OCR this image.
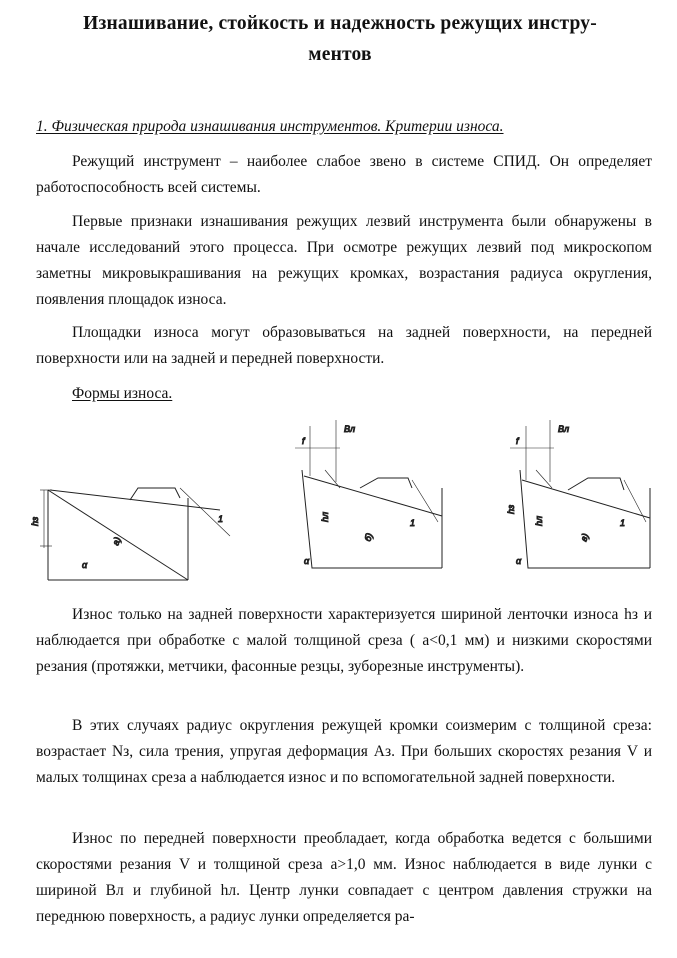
Изнашивание, стойкость и надежность режущих инстру-
ментов
1. Физическая природа изнашивания инструментов. Критерии износа.

Режущий инструмент – наиболее слабое звено в системе СПИД. Он определяет работоспособность всей системы.

Первые признаки изнашивания режущих лезвий инструмента были обнаружены в начале исследований этого процесса. При осмотре режущих лезвий под микроскопом заметны микровыкрашивания на режущих кромках, возрастания радиуса округления, появления площадок износа.

Площадки износа могут образовываться на задней поверхности, на передней поверхности или на задней и передней поверхности.

Формы износа.
hз	1
α
а)
f
Bл
hл
1
α
б)
f
Bл
hз
hл	1
α
в)

Износ только на задней поверхности характеризуется шириной ленточки износа hз и наблюдается при обработке с малой толщиной среза ( a<0,1 мм) и низкими скоростями резания (протяжки, метчики, фасонные резцы, зуборезные инструменты).

В этих случаях радиус округления режущей кромки соизмерим с толщиной среза: возрастает Nз, сила трения, упругая деформация Aз. При больших скоростях резания V и малых толщинах среза a наблюдается износ и по вспомогательной задней поверхности.

Износ по передней поверхности преобладает, когда обработка ведется с большими скоростями резания V и толщиной среза a>1,0 мм. Износ наблюдается в виде лунки с шириной Вл и глубиной hл. Центр лунки совпадает с центром давления стружки на переднюю поверхность, а радиус лунки определяется ра-
